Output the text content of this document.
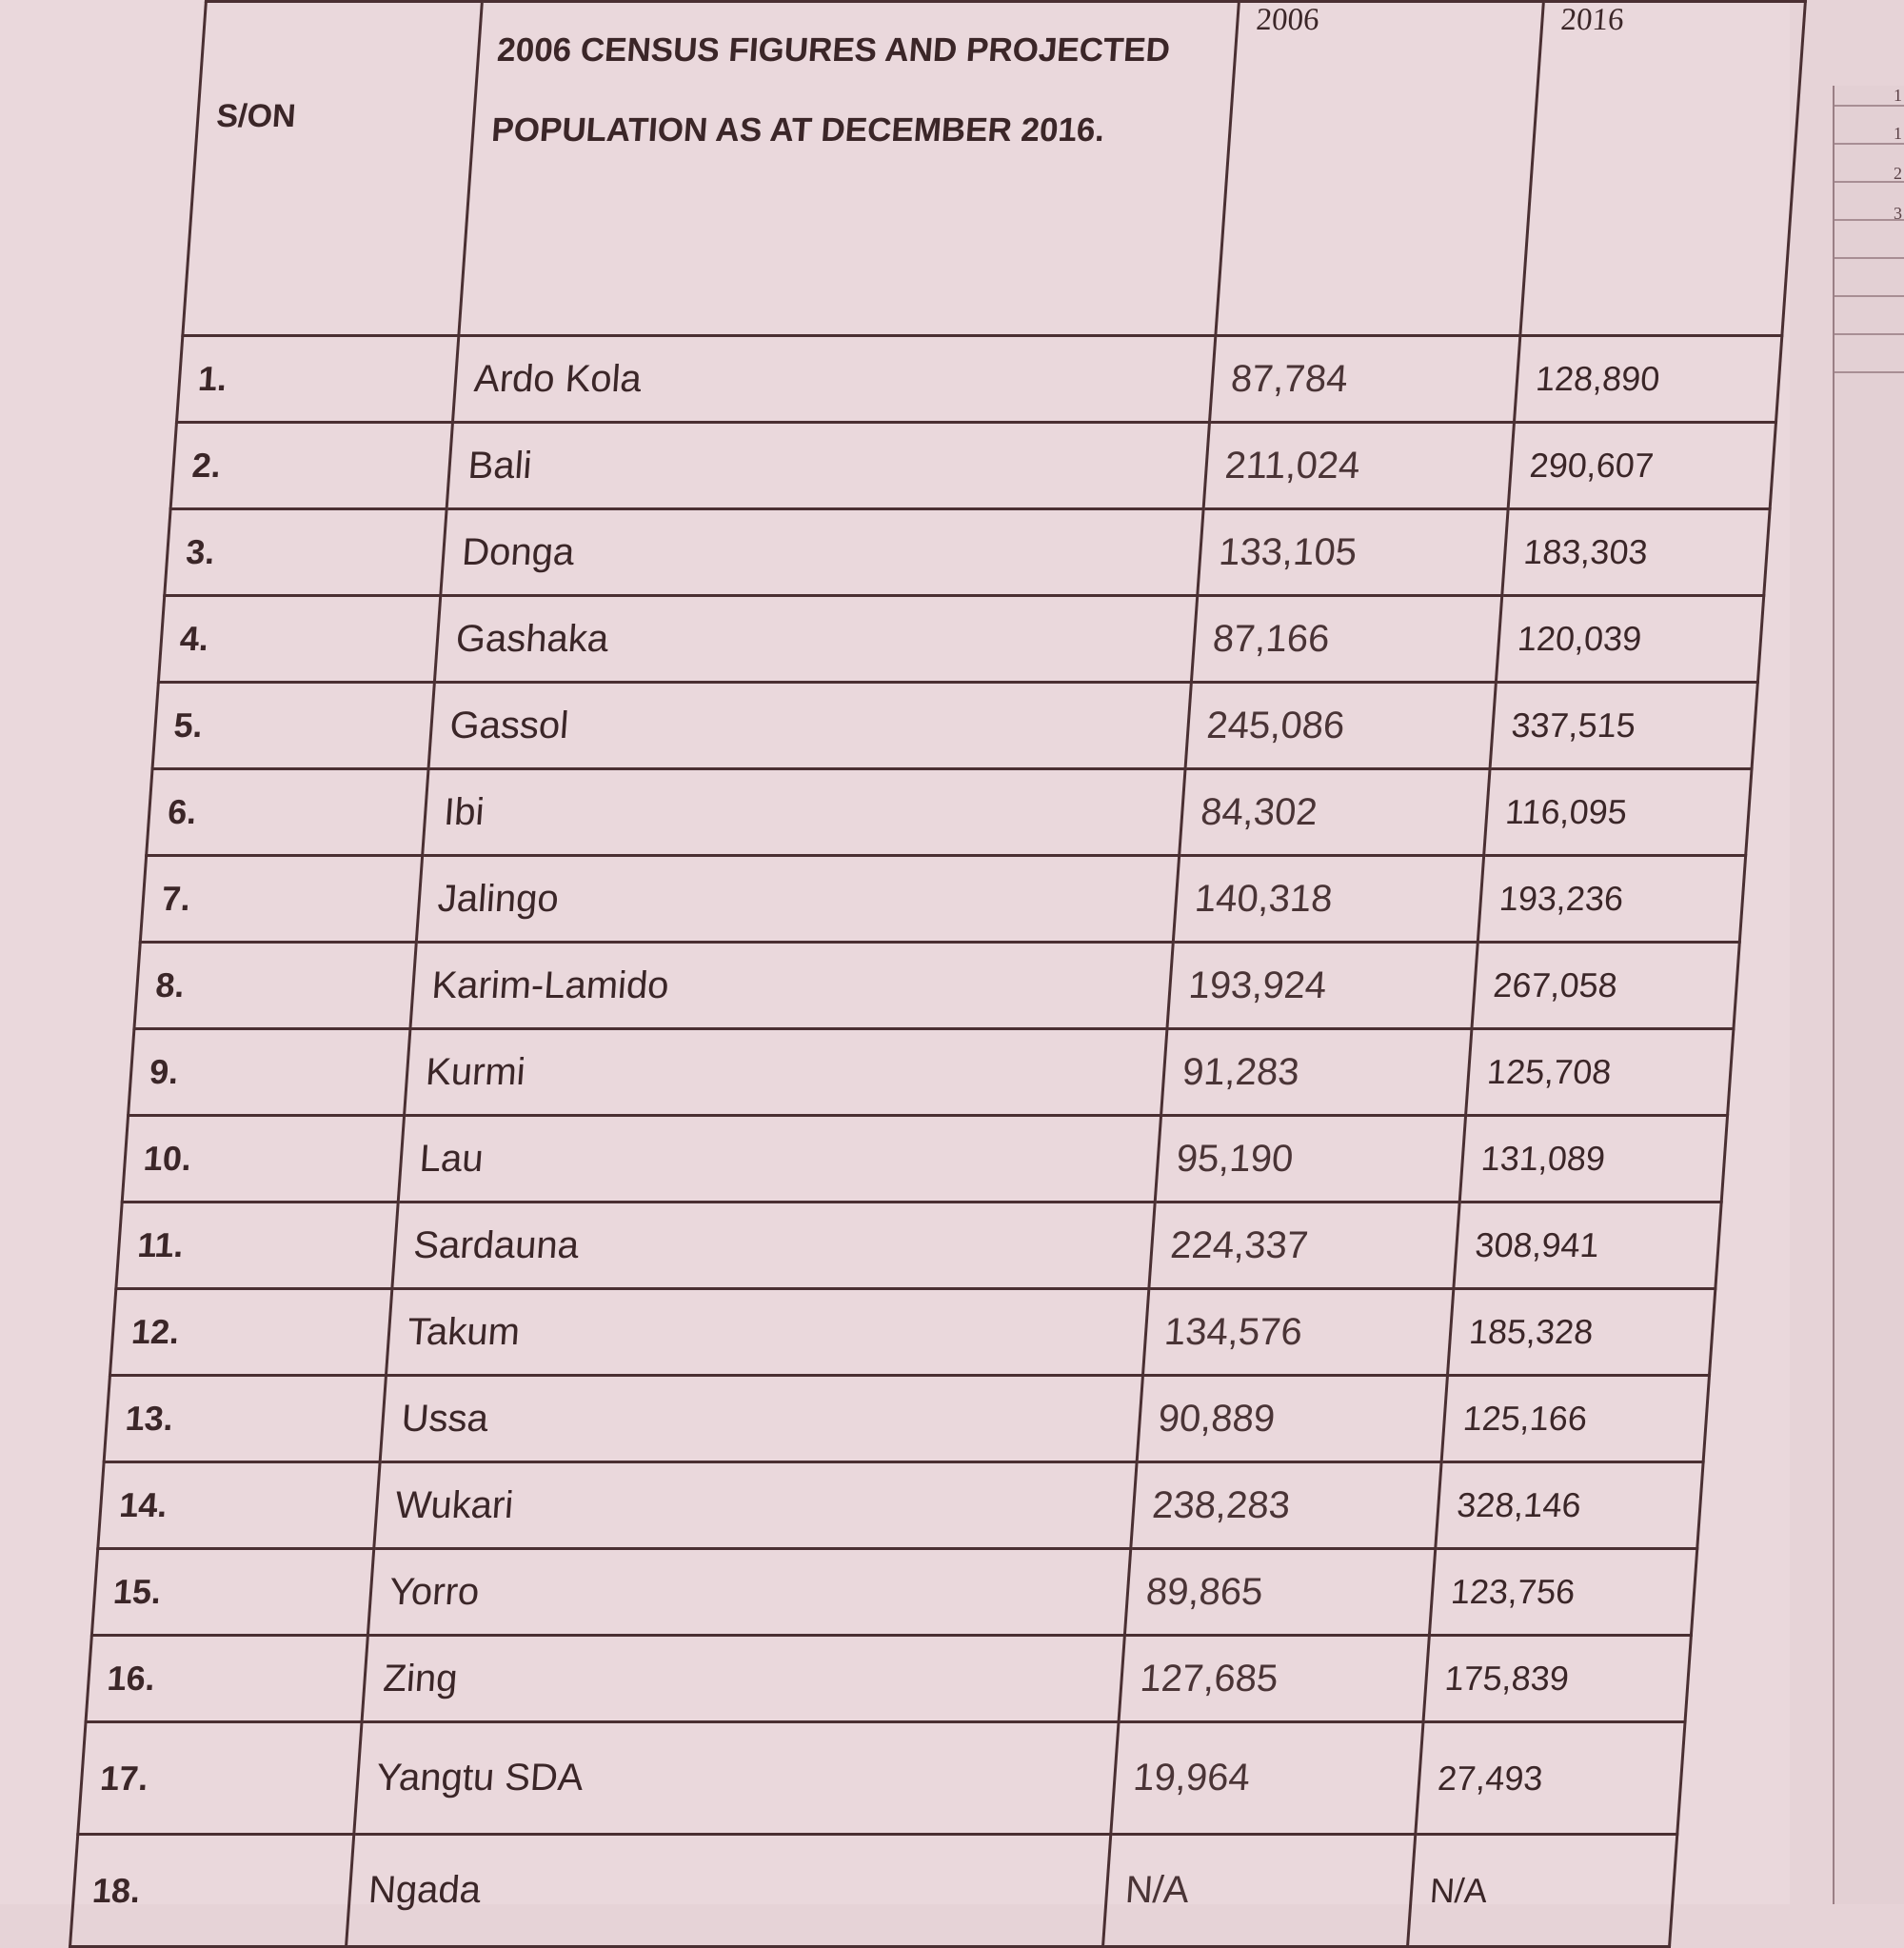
1
1
2
3
S/ON	2006 CENSUS FIGURES AND PROJECTED POPULATION AS AT DECEMBER 2016.	2006	2016
1.	Ardo Kola	87,784	128,890
2.	Bali	211,024	290,607
3.	Donga	133,105	183,303
4.	Gashaka	87,166	120,039
5.	Gassol	245,086	337,515
6.	Ibi	84,302	116,095
7.	Jalingo	140,318	193,236
8.	Karim-Lamido	193,924	267,058
9.	Kurmi	91,283	125,708
10.	Lau	95,190	131,089
11.	Sardauna	224,337	308,941
12.	Takum	134,576	185,328
13.	Ussa	90,889	125,166
14.	Wukari	238,283	328,146
15.	Yorro	89,865	123,756
16.	Zing	127,685	175,839
17.	Yangtu SDA	19,964	27,493
18.	Ngada	N/A	N/A
